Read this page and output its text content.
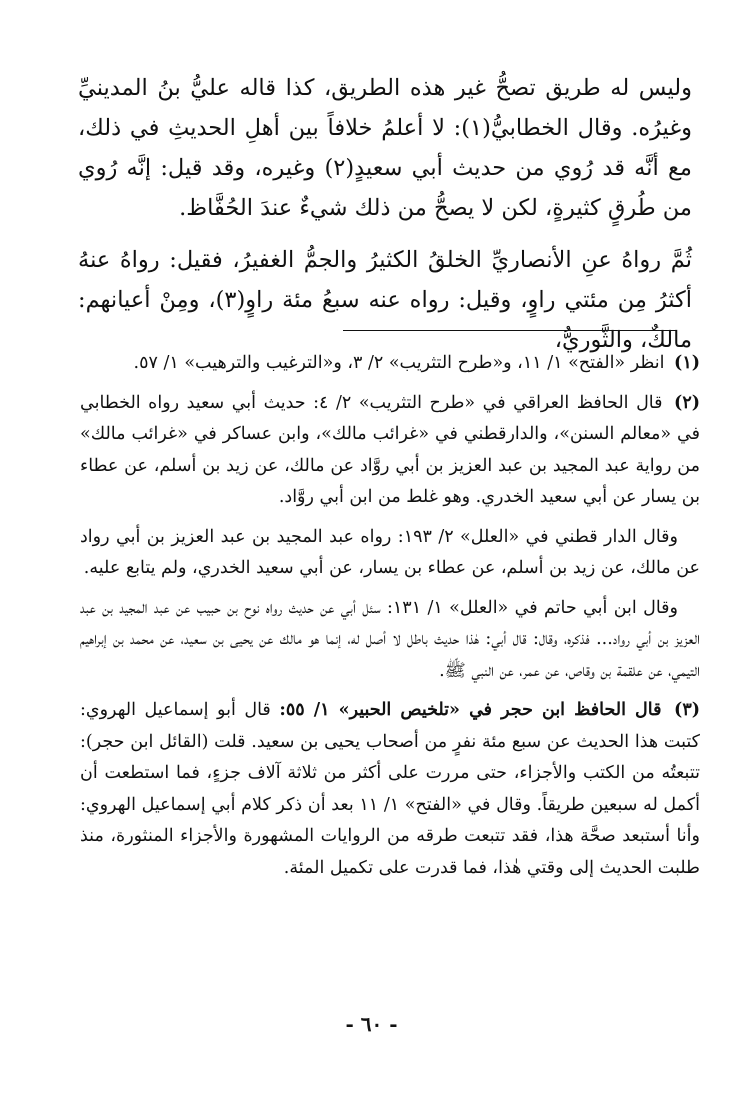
وليس له طريق تصحُّ غير هذه الطريق، كذا قاله عليُّ بنُ المدينيِّ وغيرُه. وقال الخطابيُّ(١): لا أعلمُ خلافاً بين أهلِ الحديثِ في ذلك، مع أنَّه قد رُوي من حديث أبي سعيدٍ(٢) وغيره، وقد قيل: إنَّه رُوي من طُرقٍ كثيرةٍ، لكن لا يصحُّ من ذلك شيءٌ عندَ الحُفَّاظ.

ثُمَّ رواهُ عنِ الأنصاريِّ الخلقُ الكثيرُ والجمُّ الغفيرُ، فقيل: رواهُ عنهُ أكثرُ مِن مئتي راوٍ، وقيل: رواه عنه سبعُ مئة راوٍ(٣)، ومِنْ أعيانهم: مالكٌ، والثَّوريُّ،

(١) انظر «الفتح» ١/ ١١، و«طرح التثريب» ٢/ ٣، و«الترغيب والترهيب» ١/ ٥٧.

(٢) قال الحافظ العراقي في «طرح التثريب» ٢/ ٤: حديث أبي سعيد رواه الخطابي في «معالم السنن»، والدارقطني في «غرائب مالك»، وابن عساكر في «غرائب مالك» من رواية عبد المجيد بن عبد العزيز بن أبي روَّاد عن مالك، عن زيد بن أسلم، عن عطاء بن يسار عن أبي سعيد الخدري. وهو غلط من ابن أبي روَّاد.

وقال الدار قطني في «العلل» ٢/ ١٩٣: رواه عبد المجيد بن عبد العزيز بن أبي رواد عن مالك، عن زيد بن أسلم، عن عطاء بن يسار، عن أبي سعيد الخدري، ولم يتابع عليه.

وقال ابن أبي حاتم في «العلل» ١/ ١٣١: سئل أبي عن حديث رواه نوح بن حبيب عن عبد المجيد بن عبد العزيز بن أبي رواد... فذكره، وقال: قال أبي: هٰذا حديث باطل لا أصل له، إنما هو مالك عن يحيى بن سعيد، عن محمد بن إبراهيم التيمي، عن علقمة بن وقاص، عن عمر، عن النبي ﷺ.

(٣) قال الحافظ ابن حجر في «تلخيص الحبير» ١/ ٥٥: قال أبو إسماعيل الهروي: كتبت هذا الحديث عن سبع مئة نفرٍ من أصحاب يحيى بن سعيد. قلت (القائل ابن حجر): تتبعتُه من الكتب والأجزاء، حتى مررت على أكثر من ثلاثة آلاف جزءٍ، فما استطعت أن أكمل له سبعين طريقاً. وقال في «الفتح» ١/ ١١ بعد أن ذكر كلام أبي إسماعيل الهروي: وأنا أستبعد صحَّة هذا، فقد تتبعت طرقه من الروايات المشهورة والأجزاء المنثورة، منذ طلبت الحديث إلى وقتي هٰذا، فما قدرت على تكميل المئة.

- ٦٠ -
